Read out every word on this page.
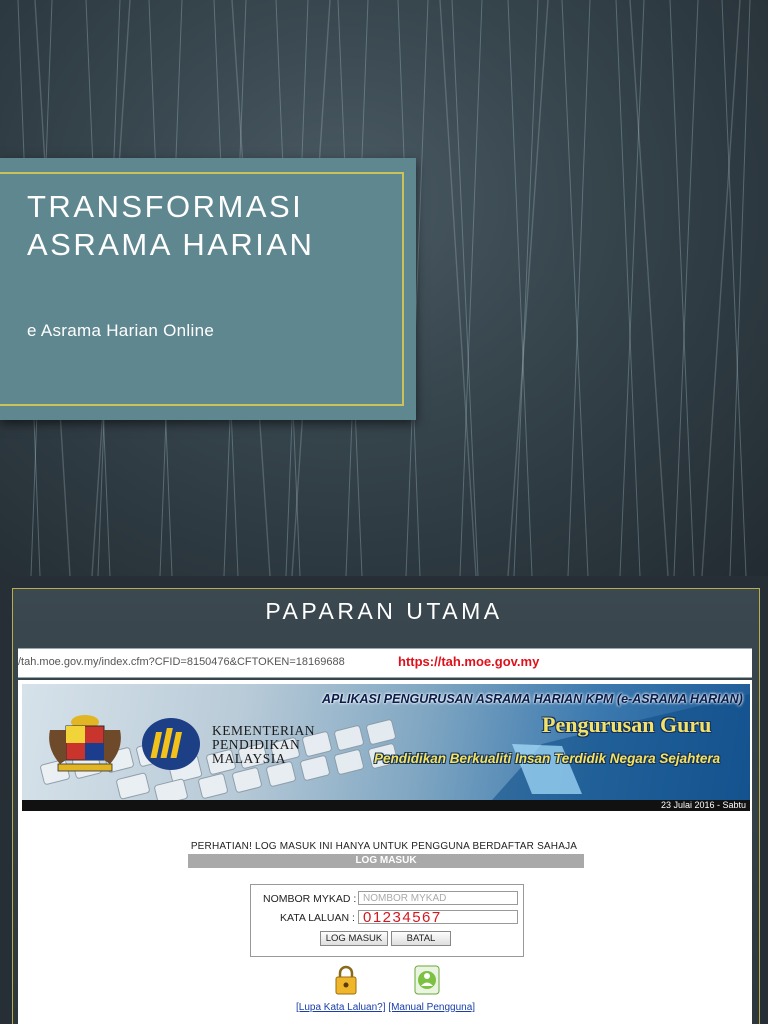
TRANSFORMASI
ASRAMA HARIAN
e Asrama Harian Online
PAPARAN UTAMA
/tah.moe.gov.my/index.cfm?CFID=8150476&CFTOKEN=18169688	https://tah.moe.gov.my
KEMENTERIAN
PENDIDIKAN
MALAYSIA
APLIKASI PENGURUSAN ASRAMA HARIAN KPM (e-ASRAMA HARIAN)
Pengurusan Guru
Pendidikan Berkualiti Insan Terdidik Negara Sejahtera
23 Julai 2016 - Sabtu
PERHATIAN! LOG MASUK INI HANYA UNTUK PENGGUNA BERDAFTAR SAHAJA
LOG MASUK
NOMBOR MYKAD : NOMBOR MYKAD
KATA LALUAN : 01234567
LOG MASUK	BATAL
[Lupa Kata Laluan?] [Manual Pengguna]
